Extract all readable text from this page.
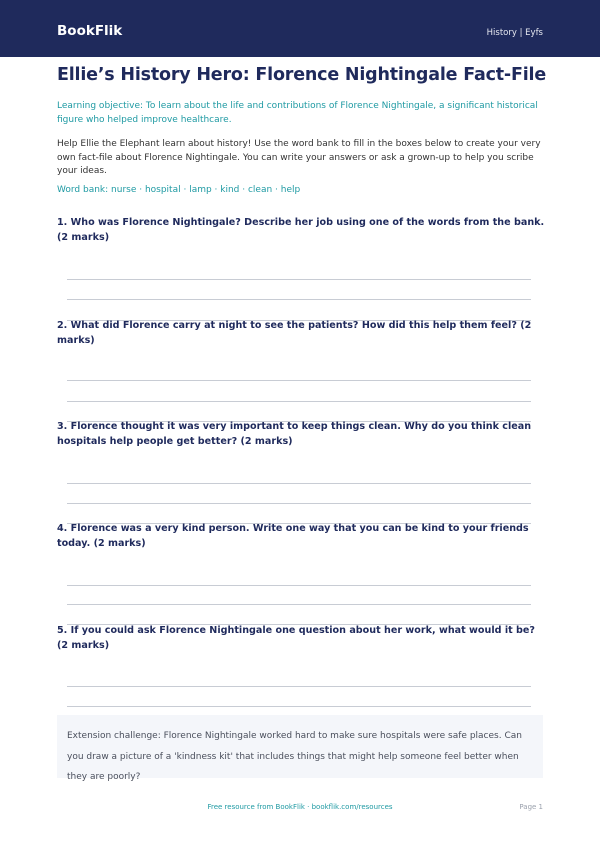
BookFlik	History | Eyfs
Ellie’s History Hero: Florence Nightingale Fact-File
Learning objective: To learn about the life and contributions of Florence Nightingale, a significant historical figure who helped improve healthcare.
Help Ellie the Elephant learn about history! Use the word bank to fill in the boxes below to create your very own fact-file about Florence Nightingale. You can write your answers or ask a grown-up to help you scribe your ideas.
Word bank: nurse · hospital · lamp · kind · clean · help
1. Who was Florence Nightingale? Describe her job using one of the words from the bank. (2 marks)
2. What did Florence carry at night to see the patients? How did this help them feel? (2 marks)
3. Florence thought it was very important to keep things clean. Why do you think clean hospitals help people get better? (2 marks)
4. Florence was a very kind person. Write one way that you can be kind to your friends today. (2 marks)
5. If you could ask Florence Nightingale one question about her work, what would it be? (2 marks)
Extension challenge: Florence Nightingale worked hard to make sure hospitals were safe places. Can you draw a picture of a 'kindness kit' that includes things that might help someone feel better when they are poorly?
Free resource from BookFlik · bookflik.com/resources	Page 1
